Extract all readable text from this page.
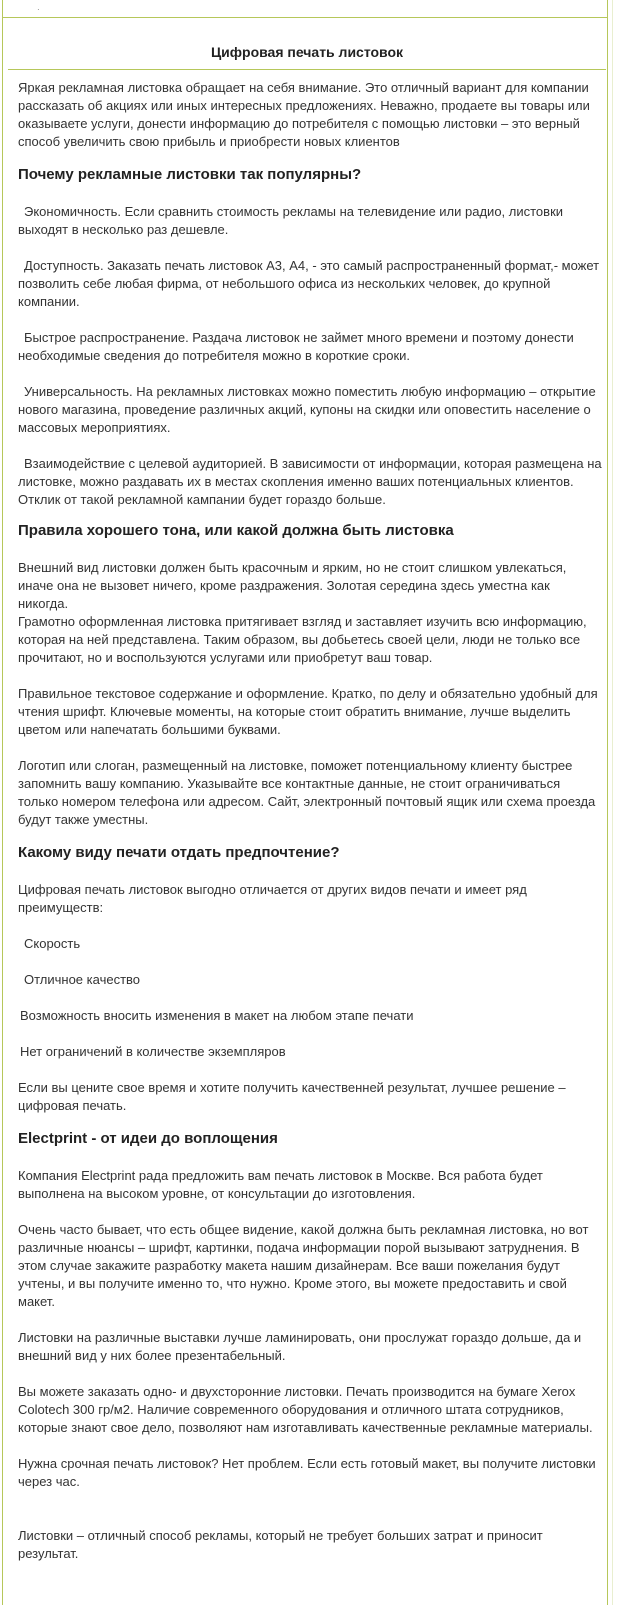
·
Цифровая печать листовок

Яркая рекламная листовка обращает на себя внимание. Это отличный вариант для компании рассказать об акциях или иных интересных предложениях. Неважно, продаете вы товары или оказываете услуги, донести информацию до потребителя с помощью листовки – это верный способ увеличить свою прибыль и приобрести новых клиентов

Почему рекламные листовки так популярны?

Экономичность. Если сравнить стоимость рекламы на телевидение или радио, листовки выходят в несколько раз дешевле.

Доступность. Заказать печать листовок А3, А4, - это самый распространенный формат,- может позволить себе любая фирма, от небольшого офиса из нескольких человек, до крупной компании.

Быстрое распространение. Раздача листовок не займет много времени и поэтому донести необходимые сведения до потребителя можно в короткие сроки.

Универсальность. На рекламных листовках можно поместить любую информацию – открытие нового магазина, проведение различных акций, купоны на скидки или оповестить население о массовых мероприятиях.

Взаимодействие с целевой аудиторией. В зависимости от информации, которая размещена на листовке, можно раздавать их в местах скопления именно ваших потенциальных клиентов. Отклик от такой рекламной кампании будет гораздо больше.

Правила хорошего тона, или какой должна быть листовка

Внешний вид листовки должен быть красочным и ярким, но не стоит слишком увлекаться, иначе она не вызовет ничего, кроме раздражения. Золотая середина здесь уместна как никогда.

Грамотно оформленная листовка притягивает взгляд и заставляет изучить всю информацию, которая на ней представлена. Таким образом, вы добьетесь своей цели, люди не только все прочитают, но и воспользуются услугами или приобретут ваш товар.

Правильное текстовое содержание и оформление. Кратко, по делу и обязательно удобный для чтения шрифт. Ключевые моменты, на которые стоит обратить внимание, лучше выделить цветом или напечатать большими буквами.

Логотип или слоган, размещенный на листовке, поможет потенциальному клиенту быстрее запомнить вашу компанию. Указывайте все контактные данные, не стоит ограничиваться только номером телефона или адресом. Сайт, электронный почтовый ящик или схема проезда будут также уместны.

Какому виду печати отдать предпочтение?

Цифровая печать листовок выгодно отличается от других видов печати и имеет ряд преимуществ:

Скорость

Отличное качество

Возможность вносить изменения в макет на любом этапе печати

Нет ограничений в количестве экземпляров

Если вы цените свое время и хотите получить качественней результат, лучшее решение – цифровая печать.

Electprint - от идеи до воплощения

Компания Electprint рада предложить вам печать листовок в Москве. Вся работа будет выполнена на высоком уровне, от консультации до изготовления.

Очень часто бывает, что есть общее видение, какой должна быть рекламная листовка, но вот различные нюансы – шрифт, картинки, подача информации порой вызывают затруднения. В этом случае закажите разработку макета нашим дизайнерам. Все ваши пожелания будут учтены, и вы получите именно то, что нужно. Кроме этого, вы можете предоставить и свой макет.

Листовки на различные выставки лучше ламинировать, они прослужат гораздо дольше, да и внешний вид у них более презентабельный.

Вы можете заказать одно- и двухсторонние листовки. Печать производится на бумаге Xerox Colotech 300 гр/м2. Наличие современного оборудования и отличного штата сотрудников, которые знают свое дело, позволяют нам изготавливать качественные рекламные материалы.

Нужна срочная печать листовок? Нет проблем. Если есть готовый макет, вы получите листовки через час.

Листовки – отличный способ рекламы, который не требует больших затрат и приносит результат.
